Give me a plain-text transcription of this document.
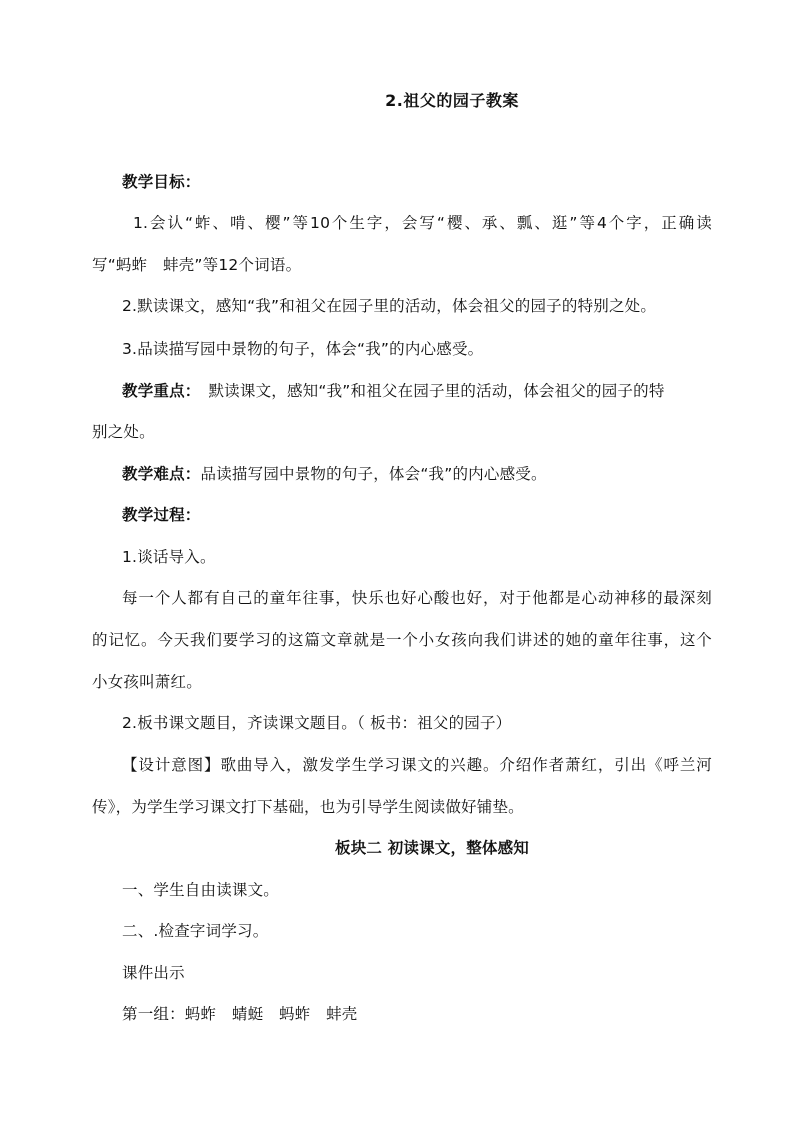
2.祖父的园子教案
教学目标：
1.会认“蚱、啃、樱”等10个生字，会写“樱、承、瓢、逛”等4个字，正确读
写“蚂蚱　蚌壳”等12个词语。
2.默读课文，感知“我”和祖父在园子里的活动，体会祖父的园子的特别之处。
3.品读描写园中景物的句子，体会“我”的内心感受。
教学重点：　默读课文，感知“我”和祖父在园子里的活动，体会祖父的园子的特
别之处。
教学难点：品读描写园中景物的句子，体会“我”的内心感受。
教学过程：
1.谈话导入。
每一个人都有自己的童年往事，快乐也好心酸也好，对于他都是心动神移的最深刻
的记忆。今天我们要学习的这篇文章就是一个小女孩向我们讲述的她的童年往事，这个
小女孩叫萧红。
2.板书课文题目，齐读课文题目。（ 板书：祖父的园子）
【设计意图】歌曲导入，激发学生学习课文的兴趣。介绍作者萧红，引出《呼兰河
传》，为学生学习课文打下基础，也为引导学生阅读做好铺垫。
板块二 初读课文，整体感知
一、学生自由读课文。
二、.检查字词学习。
课件出示
第一组：蚂蚱　蜻蜓　蚂蚱　蚌壳
